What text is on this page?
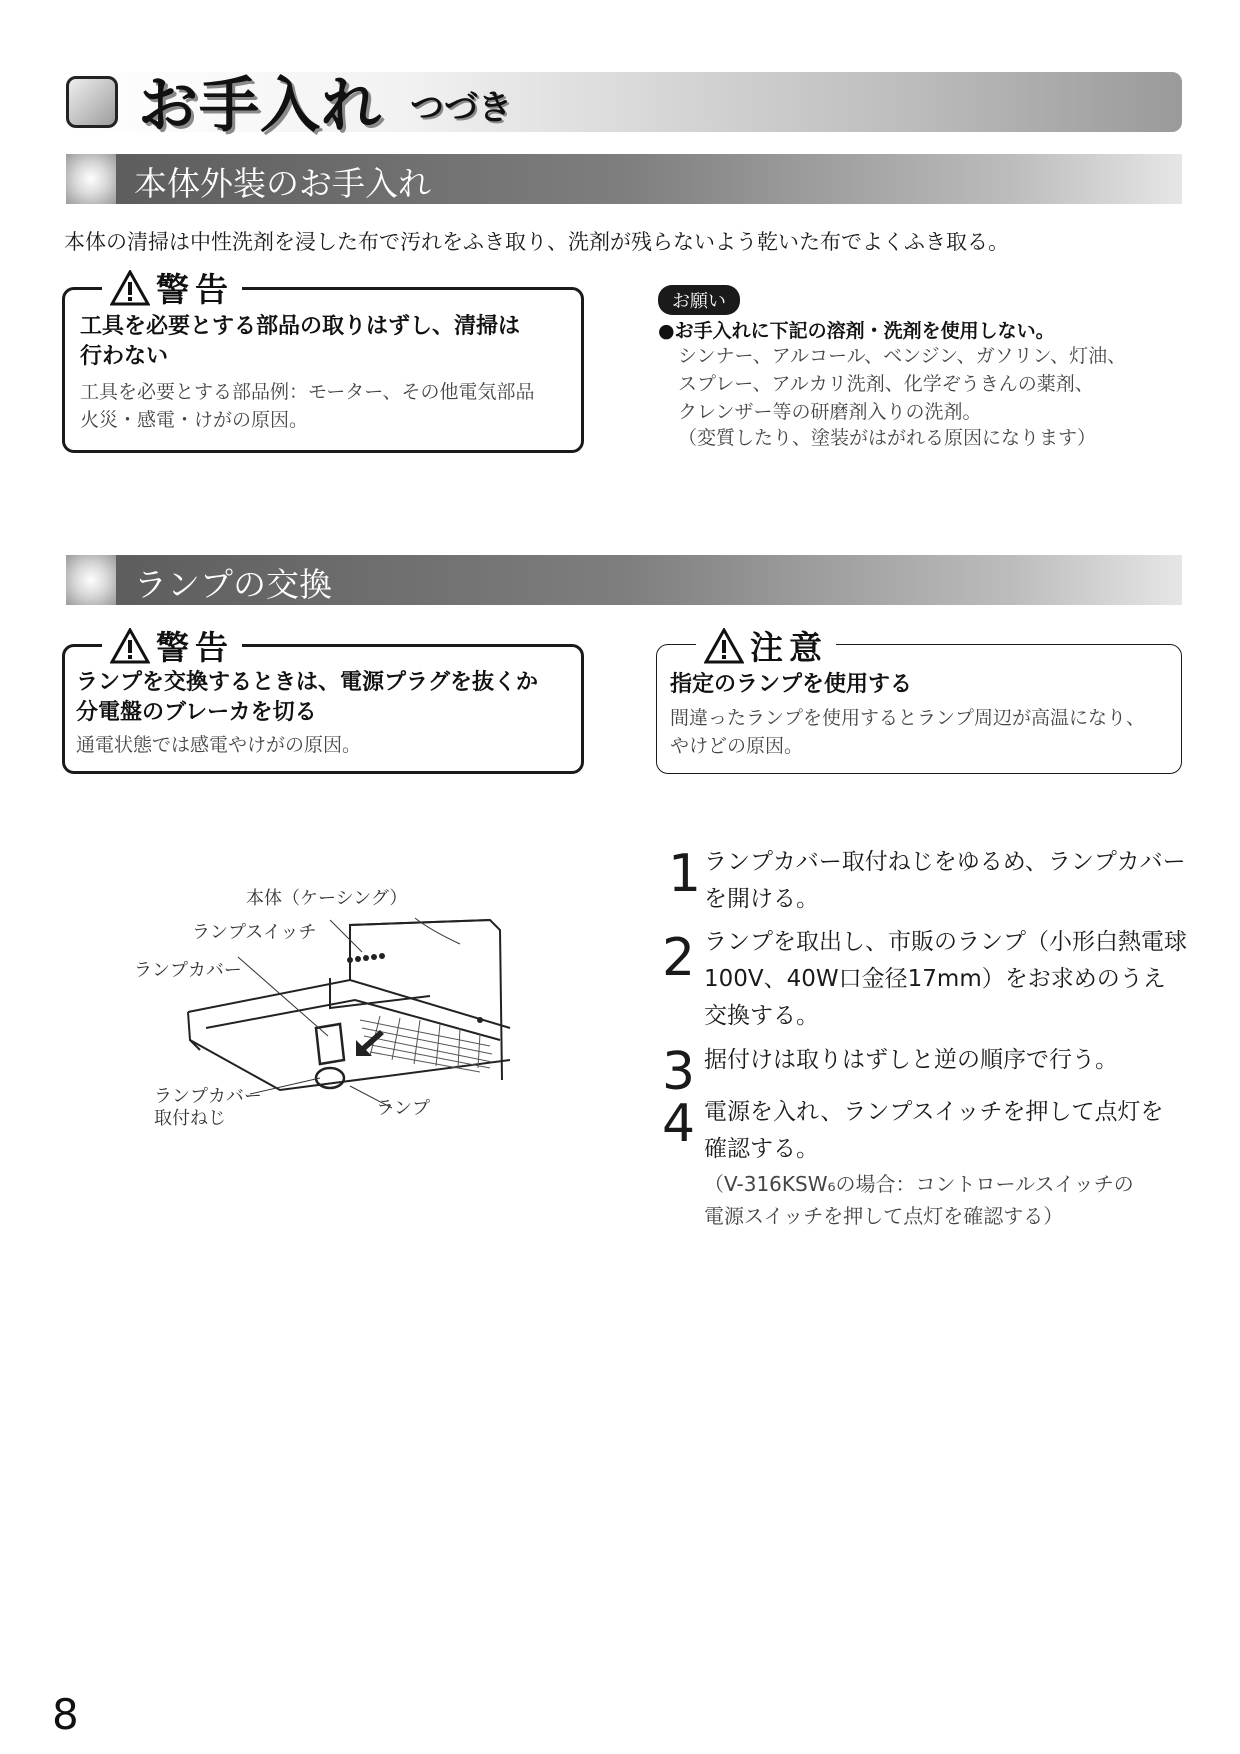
お手入れ つづき
本体外装のお手入れ
本体の清掃は中性洗剤を浸した布で汚れをふき取り、洗剤が残らないよう乾いた布でよくふき取る。
警告
工具を必要とする部品の取りはずし、清掃は
行わない
工具を必要とする部品例：モーター、その他電気部品
火災・感電・けがの原因。
お願い
●お手入れに下記の溶剤・洗剤を使用しない。
シンナー、アルコール、ベンジン、ガソリン、灯油、
スプレー、アルカリ洗剤、化学ぞうきんの薬剤、
クレンザー等の研磨剤入りの洗剤。
（変質したり、塗装がはがれる原因になります）
ランプの交換
警告
ランプを交換するときは、電源プラグを抜くか
分電盤のブレーカを切る
通電状態では感電やけがの原因。
注意
指定のランプを使用する
間違ったランプを使用するとランプ周辺が高温になり、
やけどの原因。
本体（ケーシング）
ランプスイッチ
ランプカバー
ランプカバー
取付ねじ	ランプ
1 ランプカバー取付ねじをゆるめ、ランプカバー
を開ける。
2 ランプを取出し、市販のランプ（小形白熱電球
100V、40W口金径17mm）をお求めのうえ
交換する。
3 据付けは取りはずしと逆の順序で行う。
4 電源を入れ、ランプスイッチを押して点灯を
確認する。
（V-316KSW₆の場合：コントロールスイッチの
電源スイッチを押して点灯を確認する）
8
